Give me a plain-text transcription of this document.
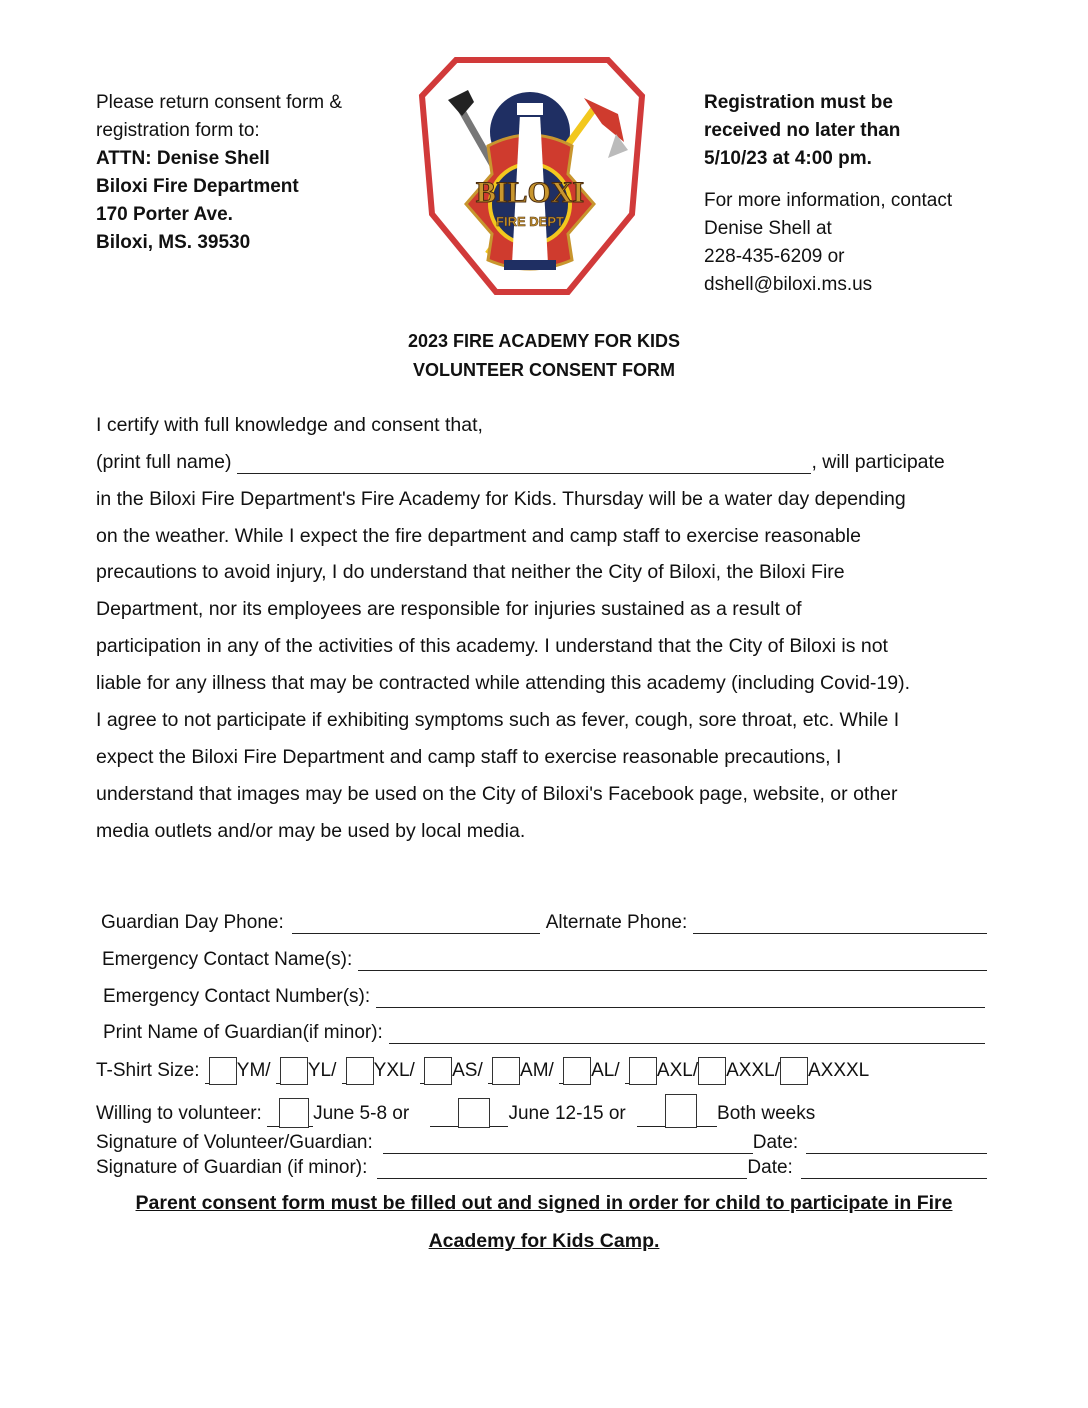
Please return consent form &
registration form to:
ATTN: Denise Shell
Biloxi Fire Department
170 Porter Ave.
Biloxi, MS. 39530
BILOXI
FIRE DEPT
Registration must be
received no later than
5/10/23 at 4:00 pm.
For more information, contact
Denise Shell at
228-435-6209 or
dshell@biloxi.ms.us
2023 FIRE ACADEMY FOR KIDS
VOLUNTEER CONSENT FORM
I certify with full knowledge and consent that,
(print full name)	, will participate
in the Biloxi Fire Department's Fire Academy for Kids. Thursday will be a water day depending
on the weather. While I expect the fire department and camp staff to exercise reasonable
precautions to avoid injury, I do understand that neither the City of Biloxi, the Biloxi Fire
Department, nor its employees are responsible for injuries sustained as a result of
participation in any of the activities of this academy. I understand that the City of Biloxi is not
liable for any illness that may be contracted while attending this academy (including Covid-19).
I agree to not participate if exhibiting symptoms such as fever, cough, sore throat, etc. While I
expect the Biloxi Fire Department and camp staff to exercise reasonable precautions, I
understand that images may be used on the City of Biloxi's Facebook page, website, or other
media outlets and/or may be used by local media.
Guardian Day Phone:	Alternate Phone:
Emergency Contact Name(s):
Emergency Contact Number(s):
Print Name of Guardian(if minor):
T-Shirt Size: YM/ YL/ YXL/ AS/ AM/ AL/ AXL/ AXXL/ AXXXL
Willing to volunteer:	June 5-8 or	June 12-15 or	Both weeks
Signature of Volunteer/Guardian:	Date:
Signature of Guardian (if minor):	Date:
Parent consent form must be filled out and signed in order for child to participate in Fire
Academy for Kids Camp.
